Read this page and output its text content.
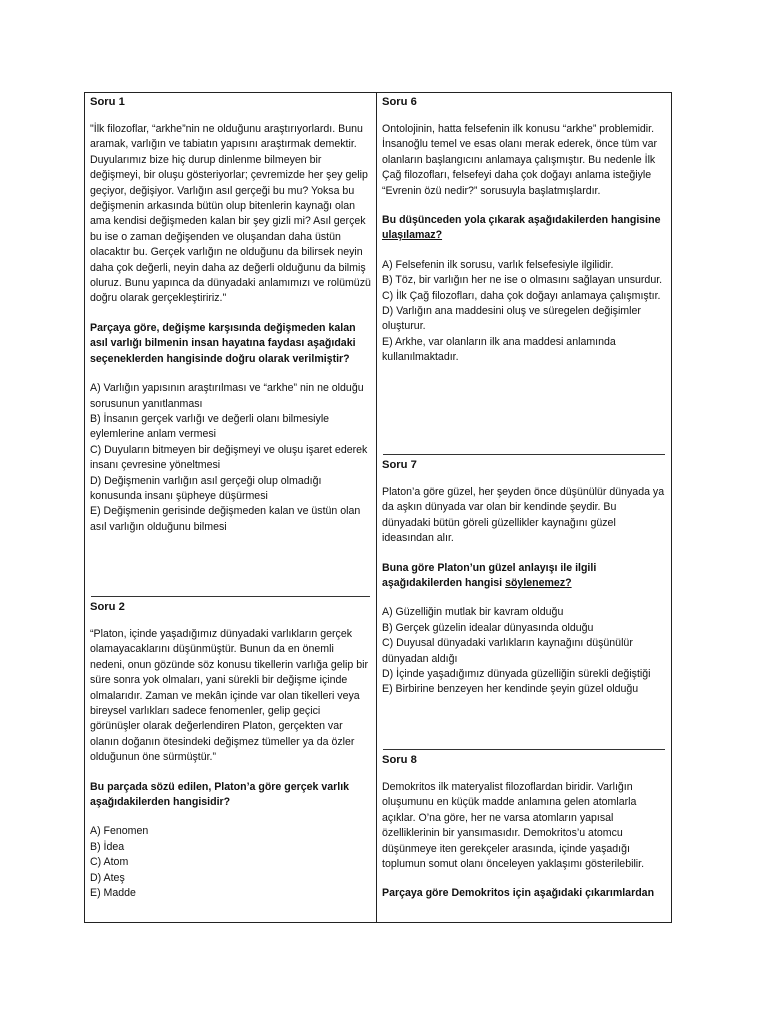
Soru 1
"İlk filozoflar, “arkhe”nin ne olduğunu araştırıyorlardı. Bunu aramak, varlığın ve tabiatın yapısını araştırmak demektir. Duyularımız bize hiç durup dinlenme bilmeyen bir değişmeyi, bir oluşu gösteriyorlar; çevremizde her şey gelip geçiyor, değişiyor. Varlığın asıl gerçeği bu mu? Yoksa bu değişmenin arkasında bütün olup bitenlerin kaynağı olan ama kendisi değişmeden kalan bir şey gizli mi? Asıl gerçek bu ise o zaman değişenden ve oluşandan daha üstün olacaktır bu. Gerçek varlığın ne olduğunu da bilirsek neyin daha çok değerli, neyin daha az değerli olduğunu da bilmiş oluruz. Bunu yapınca da dünyadaki anlamımızı ve rolümüzü doğru olarak gerçekleştiririz."
Parçaya göre, değişme karşısında değişmeden kalan asıl varlığı bilmenin insan hayatına faydası aşağıdaki seçeneklerden hangisinde doğru olarak verilmiştir?
A) Varlığın yapısının araştırılması ve “arkhe” nin ne olduğu sorusunun yanıtlanması
B) İnsanın gerçek varlığı ve değerli olanı bilmesiyle eylemlerine anlam vermesi
C) Duyuların bitmeyen bir değişmeyi ve oluşu işaret ederek insanı çevresine yöneltmesi
D) Değişmenin varlığın asıl gerçeği olup olmadığı konusunda insanı şüpheye düşürmesi
E) Değişmenin gerisinde değişmeden kalan ve üstün olan asıl varlığın olduğunu bilmesi
Soru 2
“Platon, içinde yaşadığımız dünyadaki varlıkların gerçek olamayacaklarını düşünmüştür. Bunun da en önemli nedeni, onun gözünde söz konusu tikellerin varlığa gelip bir süre sonra yok olmaları, yani sürekli bir değişme içinde olmalarıdır. Zaman ve mekân içinde var olan tikelleri veya bireysel varlıkları sadece fenomenler, gelip geçici görünüşler olarak değerlendiren Platon, gerçekten var olanın doğanın ötesindeki değişmez tümeller ya da özler olduğunun öne sürmüştür.”
Bu parçada sözü edilen, Platon’a göre gerçek varlık aşağıdakilerden hangisidir?
A) Fenomen
B) İdea
C) Atom
D) Ateş
E) Madde
Soru 6
Ontolojinin, hatta felsefenin ilk konusu “arkhe” problemidir. İnsanoğlu temel ve esas olanı merak ederek, önce tüm var olanların başlangıcını anlamaya çalışmıştır. Bu nedenle İlk Çağ filozofları, felsefeyi daha çok doğayı anlama isteğiyle “Evrenin özü nedir?” sorusuyla başlatmışlardır.
Bu düşünceden yola çıkarak aşağıdakilerden hangisine ulaşılamaz?
A) Felsefenin ilk sorusu, varlık felsefesiyle ilgilidir.
B) Töz, bir varlığın her ne ise o olmasını sağlayan unsurdur.
C) İlk Çağ filozofları, daha çok doğayı anlamaya çalışmıştır.
D) Varlığın ana maddesini oluş ve süregelen değişimler oluşturur.
E) Arkhe, var olanların ilk ana maddesi anlamında kullanılmaktadır.
Soru 7
Platon’a göre güzel, her şeyden önce düşünülür dünyada ya da aşkın dünyada var olan bir kendinde şeydir. Bu dünyadaki bütün göreli güzellikler kaynağını güzel ideasından alır.
Buna göre Platon’un güzel anlayışı ile ilgili aşağıdakilerden hangisi söylenemez?
A) Güzelliğin mutlak bir kavram olduğu
B) Gerçek güzelin idealar dünyasında olduğu
C) Duyusal dünyadaki varlıkların kaynağını düşünülür dünyadan aldığı
D) İçinde yaşadığımız dünyada güzelliğin sürekli değiştiği
E) Birbirine benzeyen her kendinde şeyin güzel olduğu
Soru 8
Demokritos ilk materyalist filozoflardan biridir. Varlığın oluşumunu en küçük madde anlamına gelen atomlarla açıklar. O’na göre, her ne varsa atomların yapısal özelliklerinin bir yansımasıdır. Demokritos’u atomcu düşünmeye iten gerekçeler arasında, içinde yaşadığı toplumun somut olanı önceleyen yaklaşımı gösterilebilir.
Parçaya göre Demokritos için aşağıdaki çıkarımlardan
